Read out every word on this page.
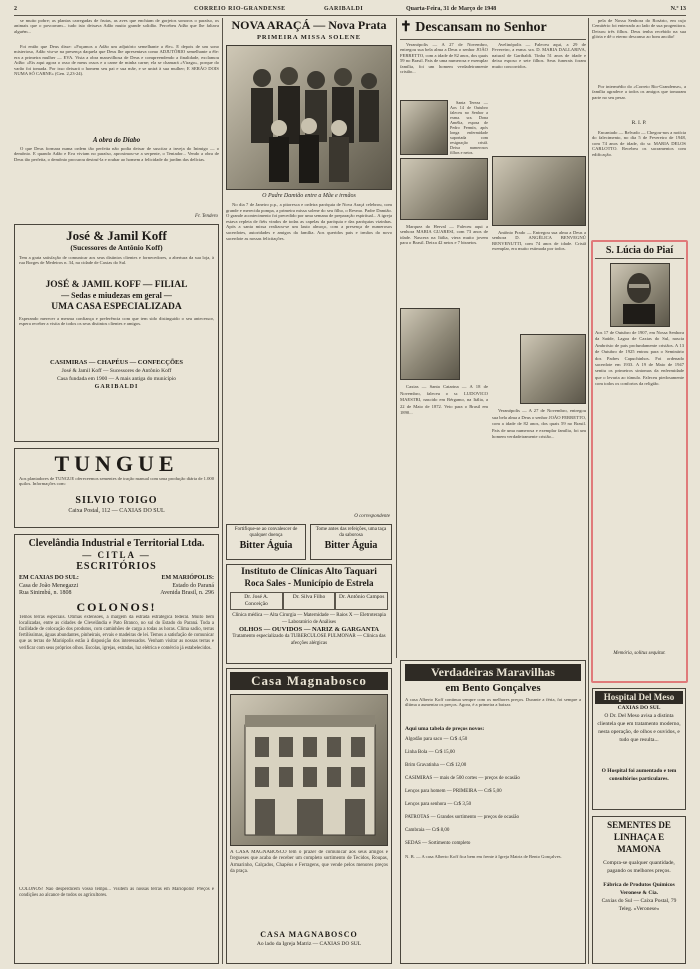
2	CORREIO RIO-GRANDENSE	GARIBALDI	Quarta-Feira, 31 de Março de 1948	N.º 13

se muito pobre; as plantas carregadas de frutas, as aves que enchiam de gorjeios sonoros o paraíso, os animais que o povoavam... tudo isto deixava Adão muito grande solidão. Percebeu Adão que lhe faltava alguém...

Foi então que Deus disse: «Façamos a Adão um adjutório semelhante a êle». E depois de um sono misterioso, Adão viu-se na presença daquela que Deus lhe apresentava como ADJUTÓRIO semelhante a êle: era a primeira mulher — EVA. Vista a obra maravilhosa de Deus e compreendendo a finalidade, exclamou Adão: «Eis aqui agora o osso de meus ossos e a carne de minha carne; ela se chamará «Virago», porque do varão foi tomada. Por isso deixará o homem seu pai e sua mãe, e se unirá à sua mulher; E SERÃO DOIS NUMA SÓ CARNE» (Gen. 2,23-24).

A obra do Diabo

O que Deus formara numa ordem tão perfeita não podia deixar de suscitar a inveja do Inimigo — o demônio. E quando Adão e Eva viviam no paraíso, aproximou-se a serpente, o Tentador... Vendo a obra de Deus tão perfeita, o demônio procurou destruí-la e roubar ao homem a felicidade do jardim das delícias.

Fr. Tendero
José & Jamil Koff
(Sucessores de Antônio Koff)
Tem a grata satisfação de comunicar aos seus distintos clientes e fornecedores, a abertura da sua loja, à rua Borges de Medeiros n. 34, na cidade de Caxias do Sul.
JOSÉ & JAMIL KOFF — FILIAL
— Sedas e miudezas em geral —
UMA CASA ESPECIALIZADA
Esperando merecer a mesma confiança e preferência com que tem sido distinguido o seu antecessor, espera receber a visita de todos os seus distintos clientes e amigos.
CASIMIRAS — CHAPÉUS — CONFECÇÕES
José & Jamil Koff — Sucessores de Antônio Koff
Casa fundada em 1900 — A mais antiga do município
GARIBALDI
TUNGUE
Aos plantadores de TUNGUE ofereceemos sementes de tração manual com uma produção diária de 1.000 quilos. Informações com:
SILVIO TOIGO
Caixa Postal, 112 — CAXIAS DO SUL
Clevelândia Industrial e Territorial Ltda.
— CITLA —
ESCRITÓRIOS
EM CAXIAS DO SUL:
Casa de João Menegazzi
Rua Sinimbú, n. 1808
EM MARIÓPOLIS:
Estado do Paraná
Avenida Brasil, n. 296
COLONOS!
Temos terras especiais. Ótimas extensões, à margem da estrada estratégica federal. Muito bem localizadas, entre as cidades de Clevelândia e Pato Branco, no sul do Estado do Paraná. Toda a facilidade de colocação dos produtos, com caminhões de carga a todas as horas. Clima sadio, terras fertilíssimas, águas abundantes, pinheirais, ervais e madeiras de lei. Temos a satisfação de comunicar que as terras de Mariópolis estão à disposição dos interessados. Venham visitar as nossas terras e verificar com seus próprios olhos. Escolas, igrejas, estradas, luz elétrica e comércio já estabelecidos.
COLONOS! Não desperdicem vosso tempo... Visitem as nossas terras em Mariópolis! Preços e condições ao alcance de todos os agricultores.
NOVA ARAÇÁ — Nova Prata
PRIMEIRA MISSA SOLENE
O Padre Damião entre a Mãe e irmãos

No dia 7 de Janeiro p.p., a pitoresca e ordeira paróquia de Nova Araçá celebrou, com grande e merecida pompa, a primeira missa solene do seu filho, o Revmo. Padre Damião. O grande acontecimento foi precedido por uma semana de preparação espiritual... A igreja estava repleta de fiéis vindos de todas as capelas da paróquia e das paróquias vizinhas. Após a santa missa realizou-se um lauto almoço, com a presença de numerosos sacerdotes, autoridades e amigos da família. Aos queridos pais e irmãos do novo sacerdote as nossas felicitações.

O correspondente
Fortifique-se ao convalescer de qualquer doença
Bitter Águia
Tome antes das refeições, uma taça da saborosa
Bitter Águia
Instituto de Clínicas Alto Taquari
Roca Sales - Município de Estrela
Dr. José A. Conceição
Dr. Silva Filho	Dr. Antônio Campos
Clínica médica — Alta Cirurgia — Maternidade — Raios X — Eletroterapia — Laboratório de Análises
OLHOS — OUVIDOS — NARIZ & GARGANTA
Tratamento especializado da TUBERCULOSE PULMONAR — Clínica das afecções alérgicas
Casa Magnabosco
A CASA MAGNABOSCO tem o prazer de comunicar aos seus amigos e fregueses que acaba de receber um completo sortimento de Tecidos, Roupas, Armarinho, Calçados, Chapéus e Ferragens, que vende pelos menores preços da praça.
CASA MAGNABOSCO
Ao lado da Igreja Matriz — CAXIAS DO SUL
✝ Descansam no Senhor

Veranópolis — A 27 de Novembro, entregou sua bela alma a Deus o senhor JOÃO FERRETTO, com a idade de 82 anos, dos quais 59 no Brasil. Pais de uma numerosa e exemplar família, foi um homem verdadeiramente cristão...

Santa Tereza — Aos 14 de Outubro faleceu no Senhor a exma. sra. Dona Amélia, esposa de Pedro Fermín, após longa enfermidade suportada com resignação cristã. Deixa numerosos filhos e netos.

Marquez do Herval — Faleceu aqui a senhora MARIA GUARESI, com 73 anos de idade. Nascera na Itália, viera muito jovem para o Brasil. Deixa 42 netos e 7 bisnetos.

Caxias — Santa Catarina — A 18 de Novembro, faleceu o sr. LUDOVICO MAESTRI, nascido em Bérgamo, na Itália, a 22 de Maio de 1872. Veio para o Brasil em 1890...

Avelinópolis — Faleceu aqui, a 29 de Fevereiro, a exma. sra. D. MARIA DALLARIVA, natural de Garibaldi. Tinha 51 anos de idade e deixa esposo e sete filhos. Seus funerais foram muito concorridos.

Antônio Prado — Entregou sua alma a Deus a senhora D. ANGÉLICA BENVEGNÚ BENVENUTTI, com 74 anos de idade. Cristã exemplar, era muito estimada por todos.

Veranópolis — A 27 de Novembro, entregou sua bela alma a Deus o senhor JOÃO FERRETTO, com a idade de 82 anos, dos quais 59 no Brasil. Pais de uma numerosa e exemplar família, foi um homem verdadeiramente cristão...

Verdadeiras Maravilhas
em Bento Gonçalves
A casa Alberto Koff continua sempre com os melhores preços. Durante a féria, foi sempre a última a aumentar os preços. Agora, é a primeira a baixar.
Aqui uma tabela de preços novos:
Algodão para saco — Cr$ 4,50
Linha Bola — Cr$ 15,00
Brim Gravatinha — Cr$ 12,00
CASIMIRAS — mais de 500 cortes — preços de ocasião
Lenços para homem — PRIMEIRA — Cr$ 5,00
Lenços para senhora — Cr$ 3,50
PATROTAS — Grandes sortimento — preços de ocasião
Cambraia — Cr$ 8,00
SEDAS — Sortimento completo
N. B. — A casa Alberto Koff fica bem em frente à Igreja Matriz de Bento Gonçalves.

pela de Nossa Senhora do Rosário, em cujo Cemitério foi enterrado ao lado de sua progenitora. Deixou três filhos. Deus tenha recebido na sua glória e dê o eterno descanso ao bom ancião!

Por intermédio do «Correio Rio-Grandense», a família agradece a todos os amigos que tomaram parte no seu pesar.

R. I. P.

Encantado — Relvado — Chegou-nos a notícia do falecimento, no dia 5 de Fevereiro de 1948, com 74 anos de idade, do sr. MARIA DELOS CARLOTTO. Recebeu os sacramentos com edificação.

S. Lúcia do Piaí
Aos 17 de Outubro de 1907, em Nossa Senhora da Saúde, Lagoa de Caxias do Sul, nascia Ambrósio de pais profundamente cristãos. A 13 de Outubro de 1925 entrou para o Seminário dos Padres Capuchinhos. Foi ordenado sacerdote em 1933. A 19 de Maio de 1947 sentiu os primeiros sintomas da enfermidade que o levaria ao túmulo. Faleceu piedosamente com todos os confortos da religião.
Memória, solitus sequitur.
Hospital Del Meso
CAXIAS DO SUL
O Dr. Del Meso avisa a distinta clientela que em tratamento moderno, nesta operação, de olhos e ouvidos, e tudo que resulta...
O Hospital foi aumentado e tem consultórios particulares.
SEMENTES DE LINHAÇA E MAMONA
Compra-se qualquer quantidade, pagando os melhores preços.
Fábrica de Produtos Químicos Veronese & Cia.
Caxias do Sul — Caixa Postal, 79
Teleg. «Veronese»
